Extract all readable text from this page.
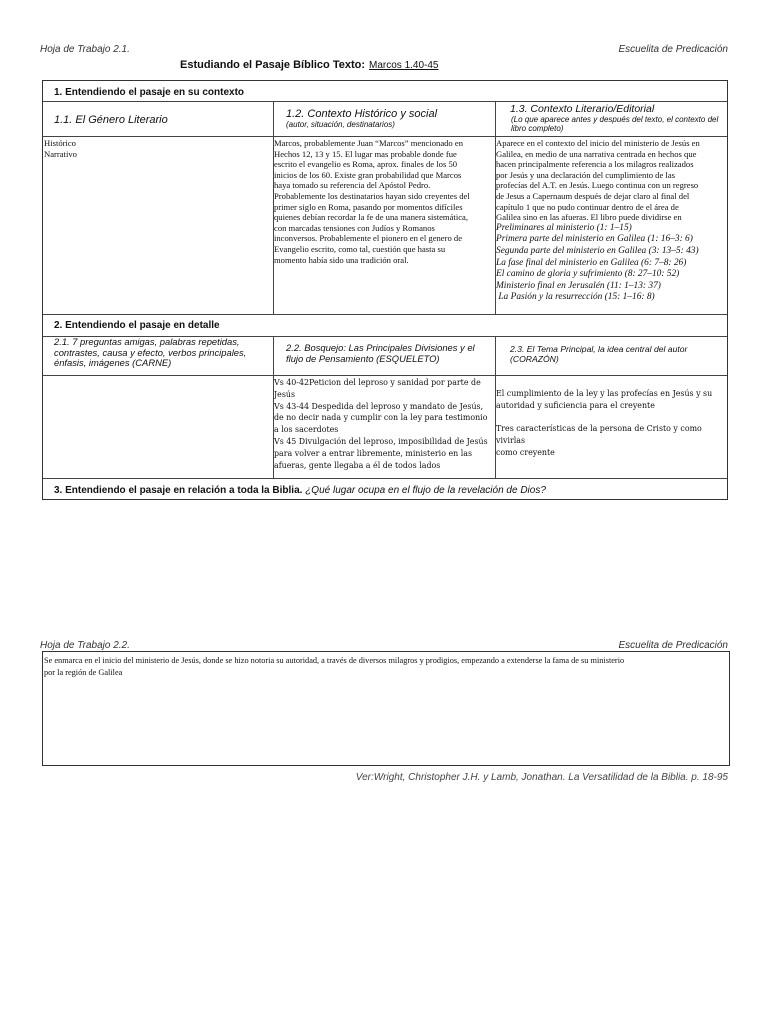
Hoja de Trabajo 2.1.	Escuelita de Predicación
Estudiando el Pasaje Bíblico Texto: Marcos 1.40-45
1. Entendiendo el pasaje en su contexto
1.1. El Género Literario

Histórico

Narrativo

1.2. Contexto Histórico y social
(autor, situación, destinatarios)

Marcos, probablemente Juan “Marcos” mencionado en

Hechos 12, 13 y 15. El lugar mas probable donde fue

escrito el evangelio es Roma, aprox. finales de los 50

inicios de los 60. Existe gran probabilidad que Marcos

haya tomado su referencia del Apóstol Pedro.

Probablemente los destinatarios hayan sido creyentes del

primer siglo en Roma, pasando por momentos difíciles

quienes debían recordar la fe de una manera sistemática,

con marcadas tensiones con Judíos y Romanos

inconversos. Probablemente el pionero en el genero de

Evangelio escrito, como tal, cuestión que hasta su

momento había sido una tradición oral.

1.3. Contexto Literario/Editorial
(Lo que aparece antes y después del texto, el contexto del libro completo)

Aparece en el contexto del inicio del ministerio de Jesús en

Galilea, en medio de una narrativa centrada en hechos que

hacen principalmente referencia a los milagros realizados

por Jesús y una declaración del cumplimiento de las

profecías del A.T. en Jesús. Luego continua con un regreso

de Jesus a Capernaum después de dejar claro al final del

capítulo 1 que no pudo continuar dentro de el área de

Galilea sino en las afueras. El libro puede dividirse en

Preliminares al ministerio (1: 1–15)

Primera parte del ministerio en Galilea (1: 16–3: 6)

Segunda parte del ministerio en Galilea (3: 13–5: 43)

La fase final del ministerio en Galilea (6: 7–8: 26)

El camino de gloria y sufrimiento (8: 27–10: 52)

Ministerio final en Jerusalén (11: 1–13: 37)

La Pasión y la resurrección (15: 1–16: 8)

2. Entendiendo el pasaje en detalle
2.1. 7 preguntas amigas, palabras repetidas, contrastes, causa y efecto, verbos principales, énfasis, imágenes (CARNE)
2.2. Bosquejo: Las Principales Divisiones y el flujo de Pensamiento (ESQUELETO)

Vs 40-42Peticion del leproso y sanidad por parte de

Jesús

Vs 43-44 Despedida del leproso y mandato de Jesús,

de no decir nada y cumplir con la ley para testimonio

a los sacerdotes

Vs 45 Divulgación del leproso, imposibilidad de Jesús

para volver a entrar libremente, ministerio en las

afueras, gente llegaba a él de todos lados

2.3. El Tema Principal, la idea central del autor (CORAZÓN)

El cumplimiento de la ley y las profecías en Jesús y su

autoridad y suficiencia para el creyente

Tres características de la persona de Cristo y como vivirlas

como creyente

3. Entendiendo el pasaje en relación a toda la Biblia. ¿Qué lugar ocupa en el flujo de la revelación de Dios?
Hoja de Trabajo 2.2.	Escuelita de Predicación

Se enmarca en el inicio del ministerio de Jesús, donde se hizo notoria su autoridad, a través de diversos milagros y prodigios, empezando a extenderse la fama de su ministerio

por la región de Galilea

Ver:Wright, Christopher J.H. y Lamb, Jonathan. La Versatilidad de la Biblia. p. 18-95
